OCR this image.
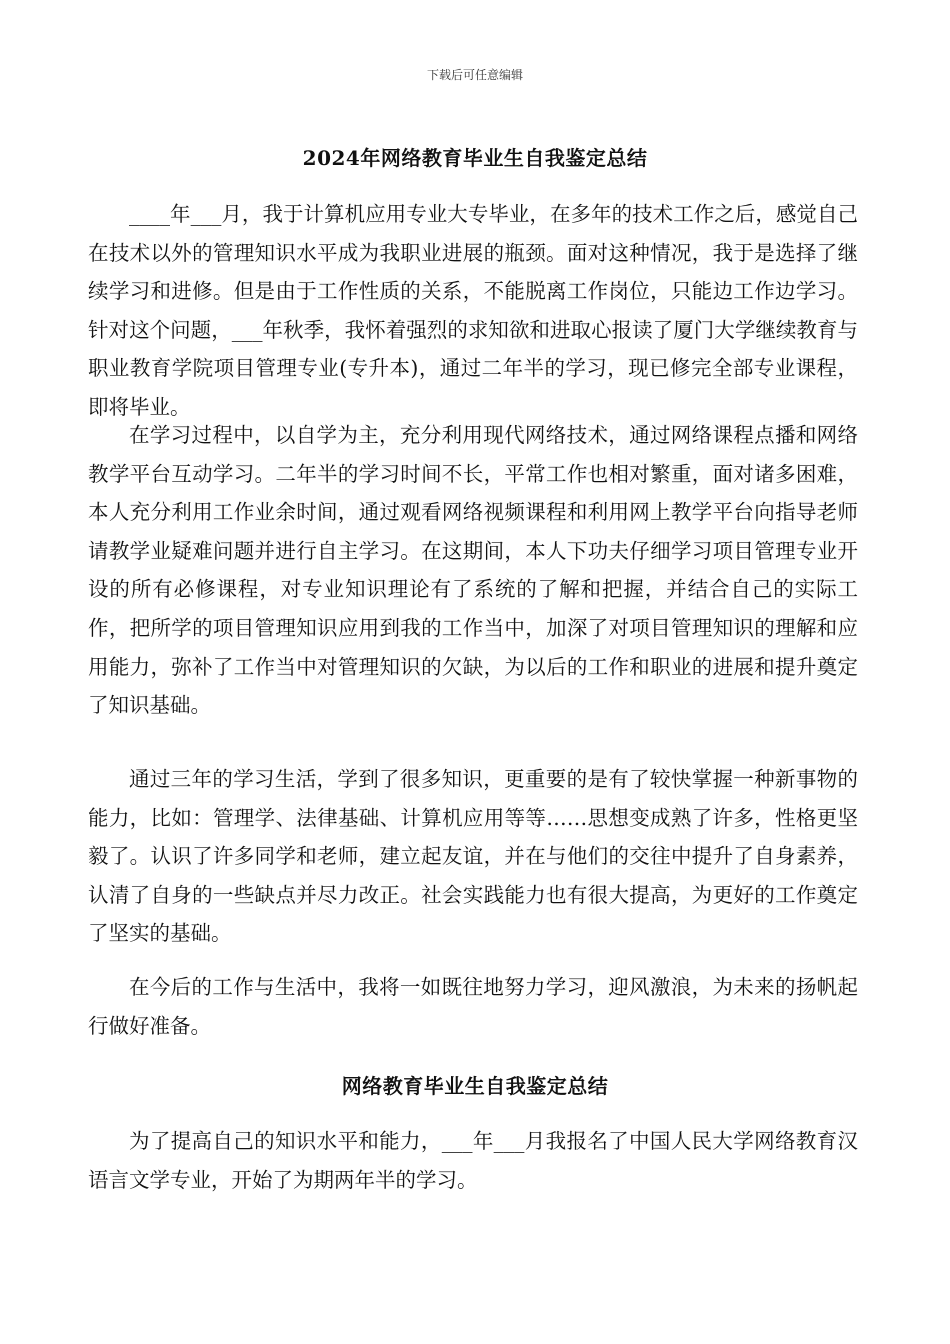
下载后可任意编辑
2024年网络教育毕业生自我鉴定总结

____年___月，我于计算机应用专业大专毕业，在多年的技术工作之后，感觉自己在技术以外的管理知识水平成为我职业进展的瓶颈。面对这种情况，我于是选择了继续学习和进修。但是由于工作性质的关系，不能脱离工作岗位，只能边工作边学习。针对这个问题，___年秋季，我怀着强烈的求知欲和进取心报读了厦门大学继续教育与职业教育学院项目管理专业(专升本)，通过二年半的学习，现已修完全部专业课程，即将毕业。

在学习过程中，以自学为主，充分利用现代网络技术，通过网络课程点播和网络教学平台互动学习。二年半的学习时间不长，平常工作也相对繁重，面对诸多困难，本人充分利用工作业余时间，通过观看网络视频课程和利用网上教学平台向指导老师请教学业疑难问题并进行自主学习。在这期间，本人下功夫仔细学习项目管理专业开设的所有必修课程，对专业知识理论有了系统的了解和把握，并结合自己的实际工作，把所学的项目管理知识应用到我的工作当中，加深了对项目管理知识的理解和应用能力，弥补了工作当中对管理知识的欠缺，为以后的工作和职业的进展和提升奠定了知识基础。

通过三年的学习生活，学到了很多知识，更重要的是有了较快掌握一种新事物的能力，比如：管理学、法律基础、计算机应用等等……思想变成熟了许多，性格更坚毅了。认识了许多同学和老师，建立起友谊，并在与他们的交往中提升了自身素养，认清了自身的一些缺点并尽力改正。社会实践能力也有很大提高，为更好的工作奠定了坚实的基础。

在今后的工作与生活中，我将一如既往地努力学习，迎风激浪，为未来的扬帆起行做好准备。

网络教育毕业生自我鉴定总结

为了提高自己的知识水平和能力，___年___月我报名了中国人民大学网络教育汉语言文学专业，开始了为期两年半的学习。
